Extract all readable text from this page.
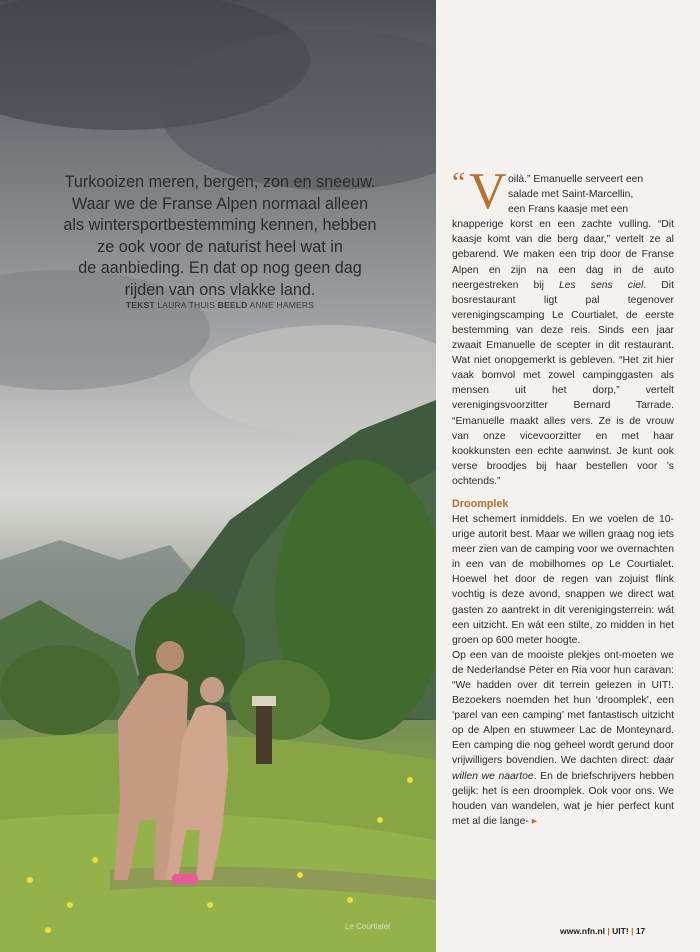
Turkooizen meren, bergen, zon en sneeuw.
Waar we de Franse Alpen normaal alleen
als wintersportbestemming kennen, hebben
ze ook voor de naturist heel wat in
de aanbieding. En dat op nog geen dag
rijden van ons vlakke land.
TEKST LAURA THUIS BEELD ANNE HAMERS
Le Courtialet
“ V oilà.” Emanuelle serveert een
salade met Saint-Marcellin,
een Frans kaasje met een

knapperige korst en een zachte vulling. “Dit kaasje komt van die berg daar,” vertelt ze al gebarend. We maken een trip door de Franse Alpen en zijn na een dag in de auto neergestreken bij Les sens ciel. Dit bosrestaurant ligt pal tegenover verenigingscamping Le Courtialet, de eerste bestemming van deze reis. Sinds een jaar zwaait Emanuelle de scepter in dit restaurant. Wat niet onopgemerkt is gebleven. “Het zit hier vaak bomvol met zowel campinggasten als mensen uit het dorp,” vertelt verenigingsvoorzitter Bernard Tarrade. “Emanuelle maakt alles vers. Ze is de vrouw van onze vicevoorzitter en met haar kookkunsten een echte aanwinst. Je kunt ook verse broodjes bij haar bestellen voor ’s ochtends.”

Droomplek

Het schemert inmiddels. En we voelen de 10-urige autorit best. Maar we willen graag nog iets meer zien van de camping voor we overnachten in een van de mobilhomes op Le Courtialet. Hoewel het door de regen van zojuist flink vochtig is deze avond, snappen we direct wat gasten zo aantrekt in dit verenigingsterrein: wát een uitzicht. En wát een stilte, zo midden in het groen op 600 meter hoogte.

Op een van de mooiste plekjes ont-moeten we de Nederlandse Peter en Ria voor hun caravan: “We hadden over dit terrein gelezen in UIT!. Bezoekers noemden het hun ‘droomplek’, een ‘parel van een camping’ met fantastisch uitzicht op de Alpen en stuwmeer Lac de Monteynard. Een camping die nog geheel wordt gerund door vrijwilligers bovendien. We dachten direct: daar willen we naartoe. En de briefschrijvers hebben gelijk: het ís een droomplek. Ook voor ons. We houden van wandelen, wat je hier perfect kunt met al die lange- ▸

www.nfn.nl | UIT! | 17
